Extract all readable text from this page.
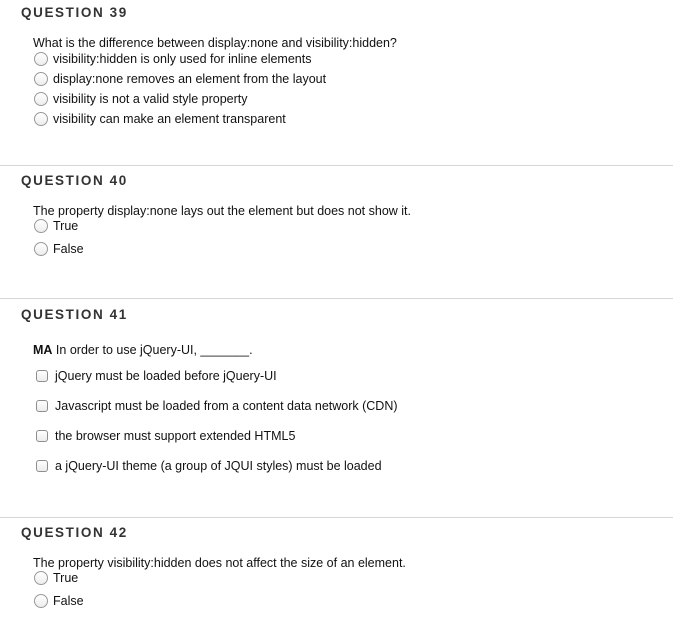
QUESTION 39
What is the difference between display:none and visibility:hidden?
visibility:hidden is only used for inline elements
display:none removes an element from the layout
visibility is not a valid style property
visibility can make an element transparent
QUESTION 40
The property display:none lays out the element but does not show it.
True
False
QUESTION 41
MA In order to use jQuery-UI, _______.
jQuery must be loaded before jQuery-UI
Javascript must be loaded from a content data network (CDN)
the browser must support extended HTML5
a jQuery-UI theme (a group of JQUI styles) must be loaded
QUESTION 42
The property visibility:hidden does not affect the size of an element.
True
False
